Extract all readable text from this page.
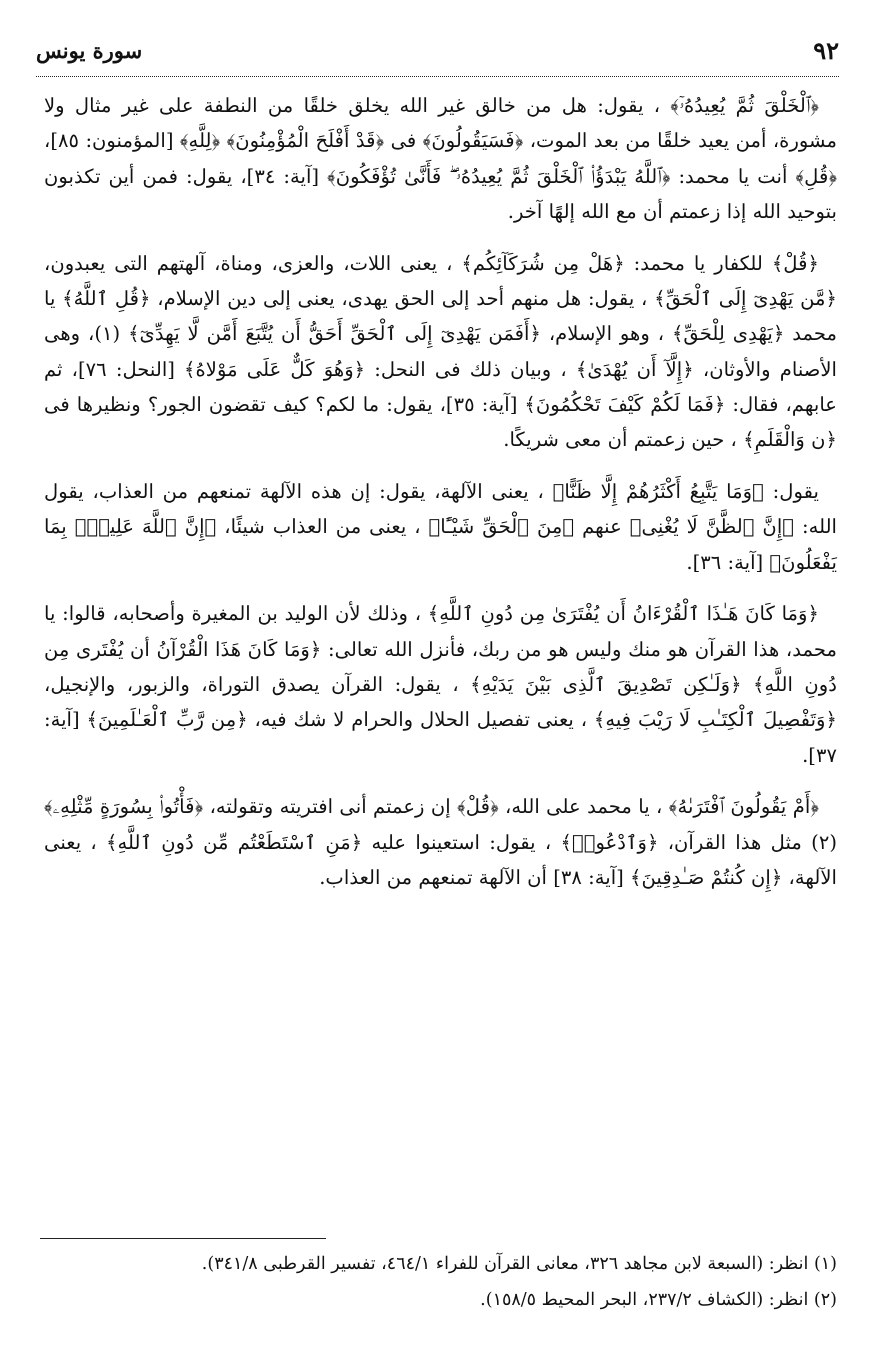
٩٢
سورة يونس

﴿ٱلْخَلْقَ ثُمَّ يُعِيدُهُۥٓ﴾ ، يقول: هل من خالق غير الله يخلق خلقًا من النطفة على غير مثال ولا مشورة، أمن يعيد خلقًا من بعد الموت، ﴿فَسَيَقُولُونَ﴾ فى ﴿قَدْ أَفْلَحَ الْمُؤْمِنُونَ﴾ ﴿لِلَّهِ﴾ [المؤمنون: ٨٥]، ﴿قُلِ﴾ أنت يا محمد: ﴿ٱللَّهُ يَبْدَؤُا۟ ٱلْخَلْقَ ثُمَّ يُعِيدُهُۥ ۖ فَأَنَّىٰ تُؤْفَكُونَ﴾ [آية: ٣٤]، يقول: فمن أين تكذبون بتوحيد الله إذا زعمتم أن مع الله إلهًا آخر.

﴿قُلْ﴾ للكفار يا محمد: ﴿هَلْ مِن شُرَكَآئِكُم﴾ ، يعنى اللات، والعزى، ومناة، آلهتهم التى يعبدون، ﴿مَّن يَهْدِىٓ إِلَى ٱلْحَقِّ﴾ ، يقول: هل منهم أحد إلى الحق يهدى، يعنى إلى دين الإسلام، ﴿قُلِ ٱللَّهُ﴾ يا محمد ﴿يَهْدِى لِلْحَقِّ﴾ ، وهو الإسلام، ﴿أَفَمَن يَهْدِىٓ إِلَى ٱلْحَقِّ أَحَقُّ أَن يُتَّبَعَ أَمَّن لَّا يَهِدِّىٓ﴾ (١)، وهى الأصنام والأوثان، ﴿إِلَّآ أَن يُهْدَىٰ﴾ ، وبيان ذلك فى النحل: ﴿وَهُوَ كَلٌّ عَلَى مَوْلاهُ﴾ [النحل: ٧٦]، ثم عابهم، فقال: ﴿فَمَا لَكُمْ كَيْفَ تَحْكُمُونَ﴾ [آية: ٣٥]، يقول: ما لكم؟ كيف تقضون الجور؟ ونظيرها فى ﴿ن وَالْقَلَمِ﴾ ، حين زعمتم أن معى شريكًا.

يقول: ﴿وَمَا يَتَّبِعُ أَكْثَرُهُمْ إِلَّا ظَنًّا﴾ ، يعنى الآلهة، يقول: إن هذه الآلهة تمنعهم من العذاب، يقول الله: ﴿إِنَّ ٱلظَّنَّ لَا يُغْنِى﴾ عنهم ﴿مِنَ ٱلْحَقِّ شَيْـًٔا﴾ ، يعنى من العذاب شيئًا، ﴿إِنَّ ٱللَّهَ عَلِيمٌۢ بِمَا يَفْعَلُونَ﴾ [آية: ٣٦].

﴿وَمَا كَانَ هَـٰذَا ٱلْقُرْءَانُ أَن يُفْتَرَىٰ مِن دُونِ ٱللَّهِ﴾ ، وذلك لأن الوليد بن المغيرة وأصحابه، قالوا: يا محمد، هذا القرآن هو منك وليس هو من ربك، فأنزل الله تعالى: ﴿وَمَا كَانَ هَذَا الْقُرْآنُ أن يُفْتَرى مِن دُونِ اللَّهِ﴾ ﴿وَلَـٰكِن تَصْدِيقَ ٱلَّذِى بَيْنَ يَدَيْهِ﴾ ، يقول: القرآن يصدق التوراة، والزبور، والإنجيل، ﴿وَتَفْصِيلَ ٱلْكِتَـٰبِ لَا رَيْبَ فِيهِ﴾ ، يعنى تفصيل الحلال والحرام لا شك فيه، ﴿مِن رَّبِّ ٱلْعَـٰلَمِينَ﴾ [آية: ٣٧].

﴿أَمْ يَقُولُونَ ٱفْتَرَىٰهُ﴾ ، يا محمد على الله، ﴿قُلْ﴾ إن زعمتم أنى افتريته وتقولته، ﴿فَأْتُوا۟ بِسُورَةٍ مِّثْلِهِۦ﴾ (٢) مثل هذا القرآن، ﴿وَٱدْعُوا۟﴾ ، يقول: استعينوا عليه ﴿مَنِ ٱسْتَطَعْتُم مِّن دُونِ ٱللَّهِ﴾ ، يعنى الآلهة، ﴿إِن كُنتُمْ صَـٰدِقِينَ﴾ [آية: ٣٨] أن الآلهة تمنعهم من العذاب.

(١) انظر: (السبعة لابن مجاهد ٣٢٦، معانى القرآن للفراء ٤٦٤/١، تفسير القرطبى ٣٤١/٨).
(٢) انظر: (الكشاف ٢٣٧/٢، البحر المحيط ١٥٨/٥).
